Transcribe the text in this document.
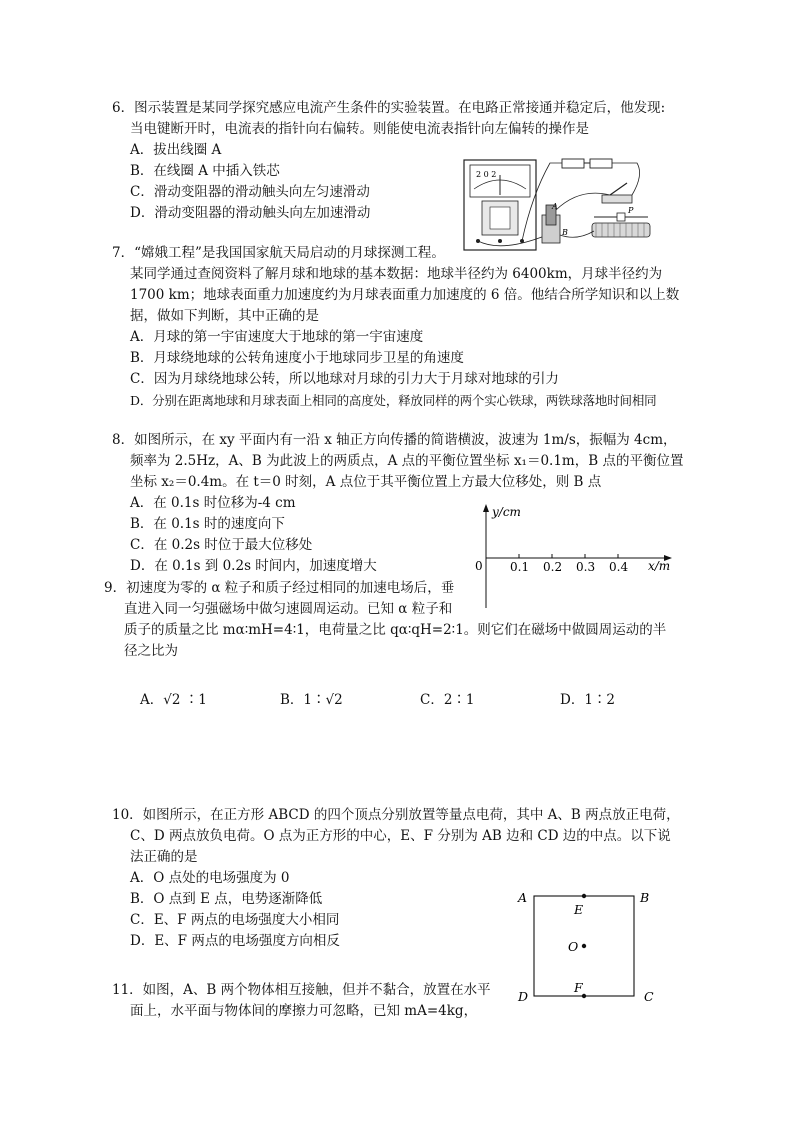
6．图示装置是某同学探究感应电流产生条件的实验装置。在电路正常接通并稳定后，他发现:
当电键断开时，电流表的指针向右偏转。则能使电流表指针向左偏转的操作是
A．拔出线圈 A
B．在线圈 A 中插入铁芯
C．滑动变阻器的滑动触头向左匀速滑动
D．滑动变阻器的滑动触头向左加速滑动
2 0 2
A
B
P
7．“嫦娥工程”是我国国家航天局启动的月球探测工程。
某同学通过查阅资料了解月球和地球的基本数据：地球半径约为 6400km，月球半径约为
1700 km；地球表面重力加速度约为月球表面重力加速度的 6 倍。他结合所学知识和以上数
据，做如下判断，其中正确的是
A．月球的第一宇宙速度大于地球的第一宇宙速度
B．月球绕地球的公转角速度小于地球同步卫星的角速度
C．因为月球绕地球公转，所以地球对月球的引力大于月球对地球的引力
D．分别在距离地球和月球表面上相同的高度处，释放同样的两个实心铁球，两铁球落地时间相同
8．如图所示，在 xy 平面内有一沿 x 轴正方向传播的简谐横波，波速为 1m/s，振幅为 4cm，
频率为 2.5Hz，A、B 为此波上的两质点，A 点的平衡位置坐标 x₁＝0.1m，B 点的平衡位置
坐标 x₂＝0.4m。在 t＝0 时刻，A 点位于其平衡位置上方最大位移处，则 B 点
A．在 0.1s 时位移为-4 cm
B．在 0.1s 时的速度向下
C．在 0.2s 时位于最大位移处
D．在 0.1s 到 0.2s 时间内，加速度增大
y/cm
x/m
0 0.1 0.2 0.3 0.4
9．初速度为零的 α 粒子和质子经过相同的加速电场后，垂
直进入同一匀强磁场中做匀速圆周运动。已知 α 粒子和
质子的质量之比 mα∶mH=4∶1，电荷量之比 qα∶qH=2∶1。则它们在磁场中做圆周运动的半
径之比为
A．√2 ∶1	B．1∶√2	C．2∶1	D．1∶2
10．如图所示，在正方形 ABCD 的四个顶点分别放置等量点电荷，其中 A、B 两点放正电荷，
C、D 两点放负电荷。O 点为正方形的中心，E、F 分别为 AB 边和 CD 边的中点。以下说
法正确的是
A．O 点处的电场强度为 0
B．O 点到 E 点，电势逐渐降低
C．E、F 两点的电场强度大小相同
D．E、F 两点的电场强度方向相反
A	B
C
D
E
O
F
11．如图，A、B 两个物体相互接触，但并不黏合，放置在水平
面上，水平面与物体间的摩擦力可忽略，已知 mA=4kg，
